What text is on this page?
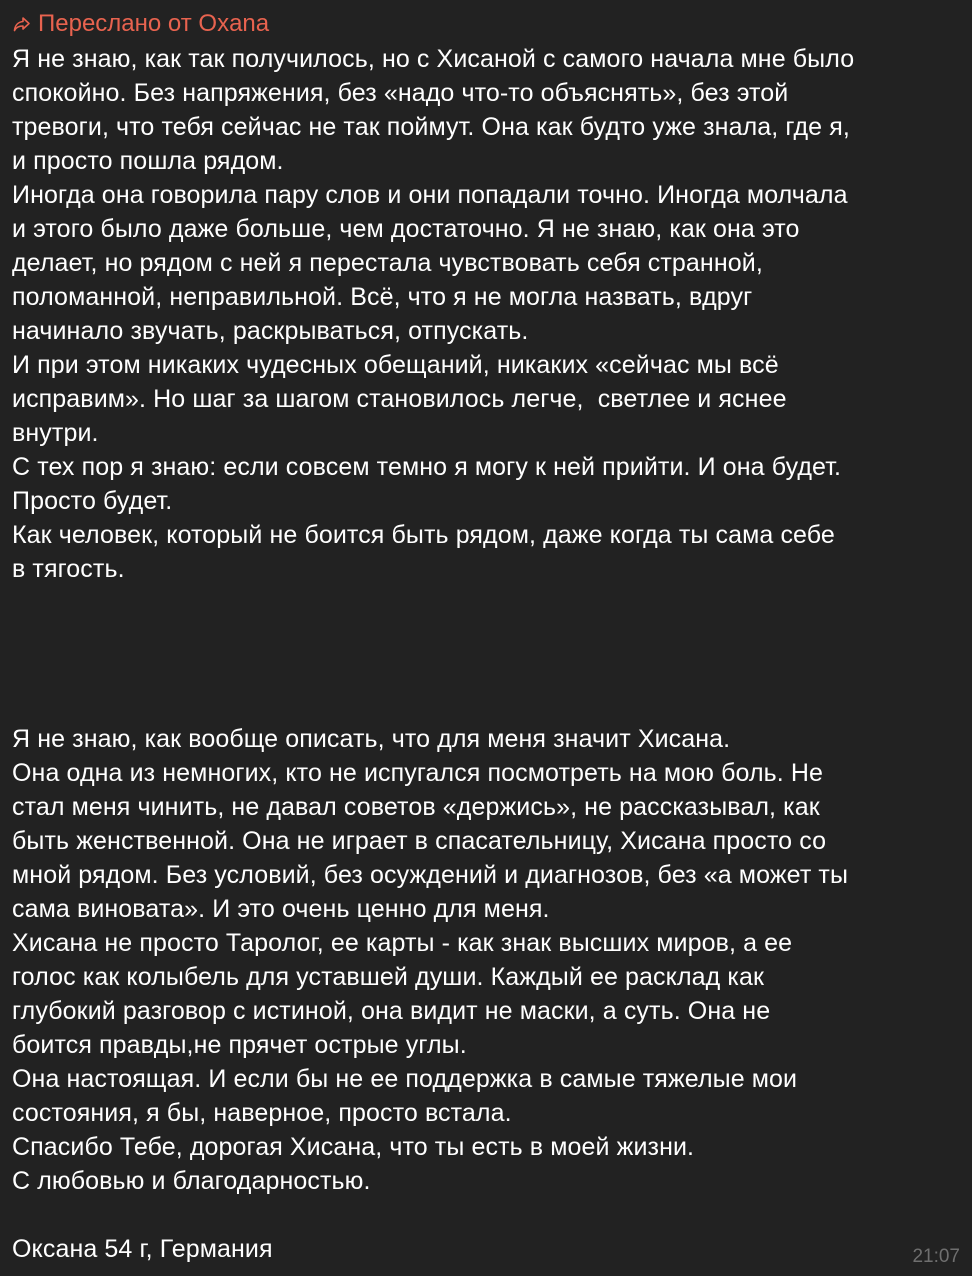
Переслано от Oxana
Я не знаю, как так получилось, но с Хисаной с самого начала мне было
спокойно. Без напряжения, без «надо что-то объяснять», без этой
тревоги, что тебя сейчас не так поймут. Она как будто уже знала, где я,
и просто пошла рядом.
Иногда она говорила пару слов и они попадали точно. Иногда молчала
и этого было даже больше, чем достаточно. Я не знаю, как она это
делает, но рядом с ней я перестала чувствовать себя странной,
поломанной, неправильной. Всё, что я не могла назвать, вдруг
начинало звучать, раскрываться, отпускать.
И при этом никаких чудесных обещаний, никаких «сейчас мы всё
исправим». Но шаг за шагом становилось легче,  светлее и яснее
внутри.
С тех пор я знаю: если совсем темно я могу к ней прийти. И она будет.
Просто будет.
Как человек, который не боится быть рядом, даже когда ты сама себе
в тягость.
Я не знаю, как вообще описать, что для меня значит Хисана.
Она одна из немногих, кто не испугался посмотреть на мою боль. Не
стал меня чинить, не давал советов «держись», не рассказывал, как
быть женственной. Она не играет в спасательницу, Хисана просто со
мной рядом. Без условий, без осуждений и диагнозов, без «а может ты
сама виновата». И это очень ценно для меня.
Хисана не просто Таролог, ее карты - как знак высших миров, а ее
голос как колыбель для уставшей души. Каждый ее расклад как
глубокий разговор с истиной, она видит не маски, а суть. Она не
боится правды,не прячет острые углы.
Она настоящая. И если бы не ее поддержка в самые тяжелые мои
состояния, я бы, наверное, просто встала.
Спасибо Тебе, дорогая Хисана, что ты есть в моей жизни.
С любовью и благодарностью.
Оксана 54 г, Германия	21:07
